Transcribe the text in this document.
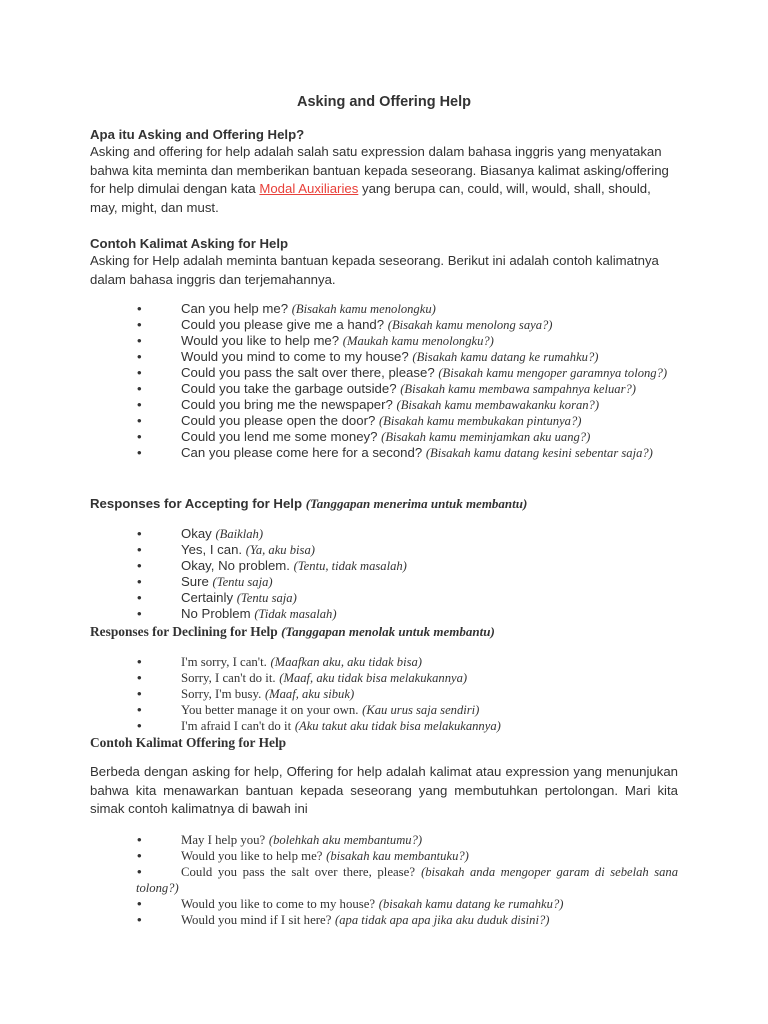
Asking and Offering Help

Apa itu Asking and Offering Help?

Asking and offering for help adalah salah satu expression dalam bahasa inggris yang menyatakan

bahwa kita meminta dan memberikan bantuan kepada seseorang. Biasanya kalimat asking/offering

for help dimulai dengan kata Modal Auxiliaries yang berupa can, could, will, would, shall, should,

may, might, dan must.

Contoh Kalimat Asking for Help

Asking for Help adalah meminta bantuan kepada seseorang. Berikut ini adalah contoh kalimatnya

dalam bahasa inggris dan terjemahannya.

•	Can you help me? (Bisakah kamu menolongku)
•	Could you please give me a hand? (Bisakah kamu menolong saya?)
•	Would you like to help me? (Maukah kamu menolongku?)
•	Would you mind to come to my house? (Bisakah kamu datang ke rumahku?)
•	Could you pass the salt over there, please? (Bisakah kamu mengoper garamnya tolong?)
•	Could you take the garbage outside? (Bisakah kamu membawa sampahnya keluar?)
•	Could you bring me the newspaper? (Bisakah kamu membawakanku koran?)
•	Could you please open the door? (Bisakah kamu membukakan pintunya?)
•	Could you lend me some money? (Bisakah kamu meminjamkan aku uang?)
•	Can you please come here for a second? (Bisakah kamu datang kesini sebentar saja?)

Responses for Accepting for Help (Tanggapan menerima untuk membantu)

•	Okay (Baiklah)
•	Yes, I can. (Ya, aku bisa)
•	Okay, No problem. (Tentu, tidak masalah)
•	Sure (Tentu saja)
•	Certainly (Tentu saja)
•	No Problem (Tidak masalah)

Responses for Declining for Help (Tanggapan menolak untuk membantu)

•	I'm sorry, I can't. (Maafkan aku, aku tidak bisa)
•	Sorry, I can't do it. (Maaf, aku tidak bisa melakukannya)
•	Sorry, I'm busy. (Maaf, aku sibuk)
•	You better manage it on your own. (Kau urus saja sendiri)
•	I'm afraid I can't do it (Aku takut aku tidak bisa melakukannya)

Contoh Kalimat Offering for Help

Berbeda dengan asking for help, Offering for help adalah kalimat atau expression yang menunjukan

bahwa kita menawarkan bantuan kepada seseorang yang membutuhkan pertolongan. Mari kita

simak contoh kalimatnya di bawah ini

•	May I help you? (bolehkah aku membantumu?)
•	Would you like to help me? (bisakah kau membantuku?)
•	Could you pass the salt over there, please? (bisakah anda mengoper garam di sebelah sana tolong?)
•	Would you like to come to my house? (bisakah kamu datang ke rumahku?)
•	Would you mind if I sit here? (apa tidak apa apa jika aku duduk disini?)
